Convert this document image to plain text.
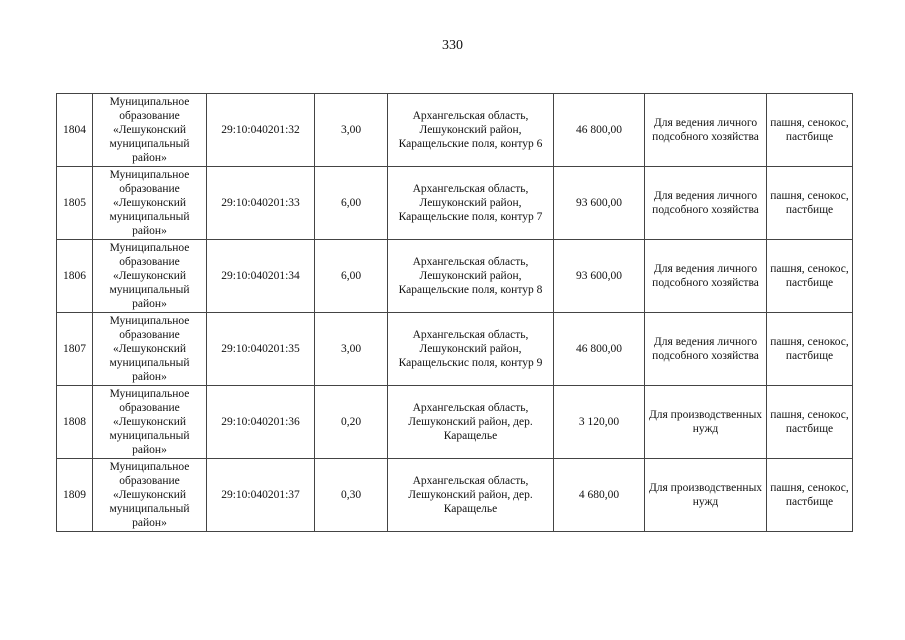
330
1804	Муниципальное образование «Лешуконский муниципальный район»	29:10:040201:32	3,00	Архангельская область, Лешуконский район, Каращельские поля, контур 6	46 800,00	Для ведения личного подсобного хозяйства	пашня, сенокос, пастбище
1805	Муниципальное образование «Лешуконский муниципальный район»	29:10:040201:33	6,00	Архангельская область, Лешуконский район, Каращельские поля, контур 7	93 600,00	Для ведения личного подсобного хозяйства	пашня, сенокос, пастбище
1806	Муниципальное образование «Лешуконский муниципальный район»	29:10:040201:34	6,00	Архангельская область, Лешуконский район, Каращельские поля, контур 8	93 600,00	Для ведения личного подсобного хозяйства	пашня, сенокос, пастбище
1807	Муниципальное образование «Лешуконский муниципальный район»	29:10:040201:35	3,00	Архангельская область, Лешуконский район, Каращельскис поля, контур 9	46 800,00	Для ведения личного подсобного хозяйства	пашня, сенокос, пастбище
1808	Муниципальное образование «Лешуконский муниципальный район»	29:10:040201:36	0,20	Архангельская область, Лешуконский район, дер. Каращелье	3 120,00	Для производственных нужд	пашня, сенокос, пастбище
1809	Муниципальное образование «Лешуконский муниципальный район»	29:10:040201:37	0,30	Архангельская область, Лешуконский район, дер. Каращелье	4 680,00	Для производственных нужд	пашня, сенокос, пастбище
